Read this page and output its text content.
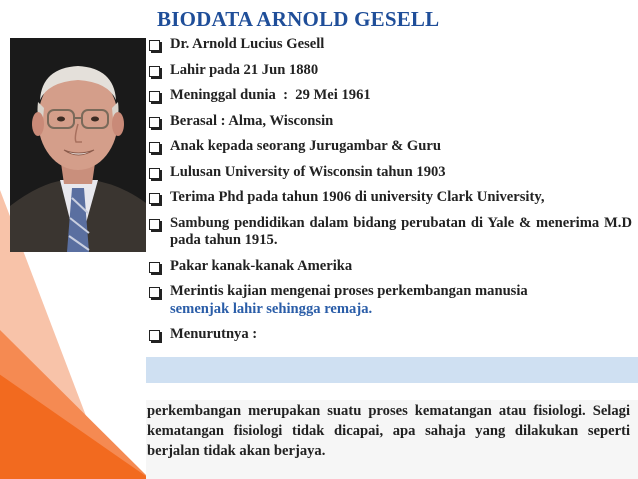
BIODATA ARNOLD GESELL
Dr. Arnold Lucius Gesell
Lahir pada 21 Jun 1880
Meninggal dunia  :  29 Mei 1961
Berasal : Alma, Wisconsin
Anak kepada seorang Jurugambar & Guru
Lulusan University of Wisconsin tahun 1903
Terima Phd pada tahun 1906 di university Clark University,
Sambung pendidikan dalam bidang perubatan di Yale & menerima M.D pada tahun 1915.
Pakar kanak-kanak Amerika
Merintis kajian mengenai proses perkembangan manusia
semenjak lahir sehingga remaja.
Menurutnya :
perkembangan merupakan suatu proses kematangan atau fisiologi. Selagi kematangan fisiologi tidak dicapai, apa sahaja yang dilakukan seperti berjalan tidak akan berjaya.
